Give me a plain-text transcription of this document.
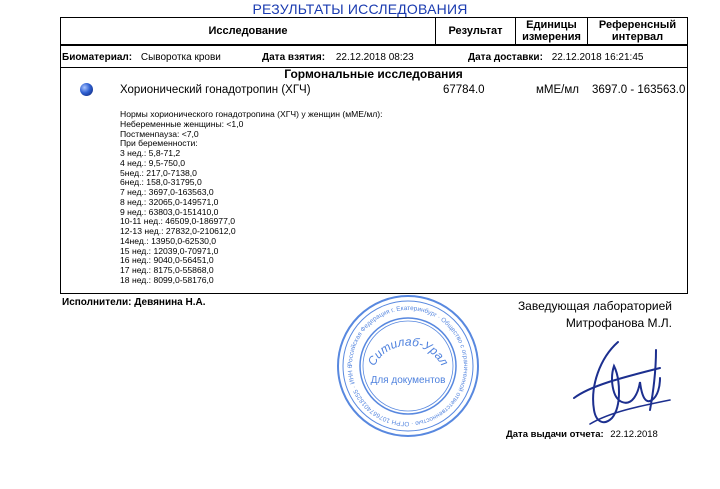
РЕЗУЛЬТАТЫ ИССЛЕДОВАНИЯ
Исследование	Результат	Единицы измерения	Референсный интервал
Биоматериал: Сыворотка крови	Дата взятия: 22.12.2018 08:23	Дата доставки: 22.12.2018 16:21:45
Гормональные исследования
Хорионический гонадотропин (ХГЧ)	67784.0	мМЕ/мл 3697.0 - 163563.0
Нормы хорионического гонадотропина (ХГЧ) у женщин (мМЕ/мл):
Небеременные женщины: <1,0
Постменпауза: <7,0
При беременности:
3 нед.: 5,8-71,2
4 нед.: 9,5-750,0
5нед.: 217,0-7138,0
6нед.: 158,0-31795,0
7 нед.: 3697,0-163563,0
8 нед.: 32065,0-149571,0
9 нед.: 63803,0-151410,0
10-11 нед.: 46509,0-186977,0
12-13 нед.: 27832,0-210612,0
14нед.: 13950,0-62530,0
15 нед.: 12039,0-70971,0
16 нед.: 9040,0-56451,0
17 нед.: 8175,0-55868,0
18 нед.: 8099,0-58176,0
Исполнители: Девянина Н.А.	Заведующая лабораторией
Митрофанова М.Л.
Российская Федерация г. Екатеринбург · Общество с ограниченной ответственностью · ОГРН 1076674018255 · ИНН 6 Ситилаб-Урал
Для документов
Дата выдачи отчета: 22.12.2018
